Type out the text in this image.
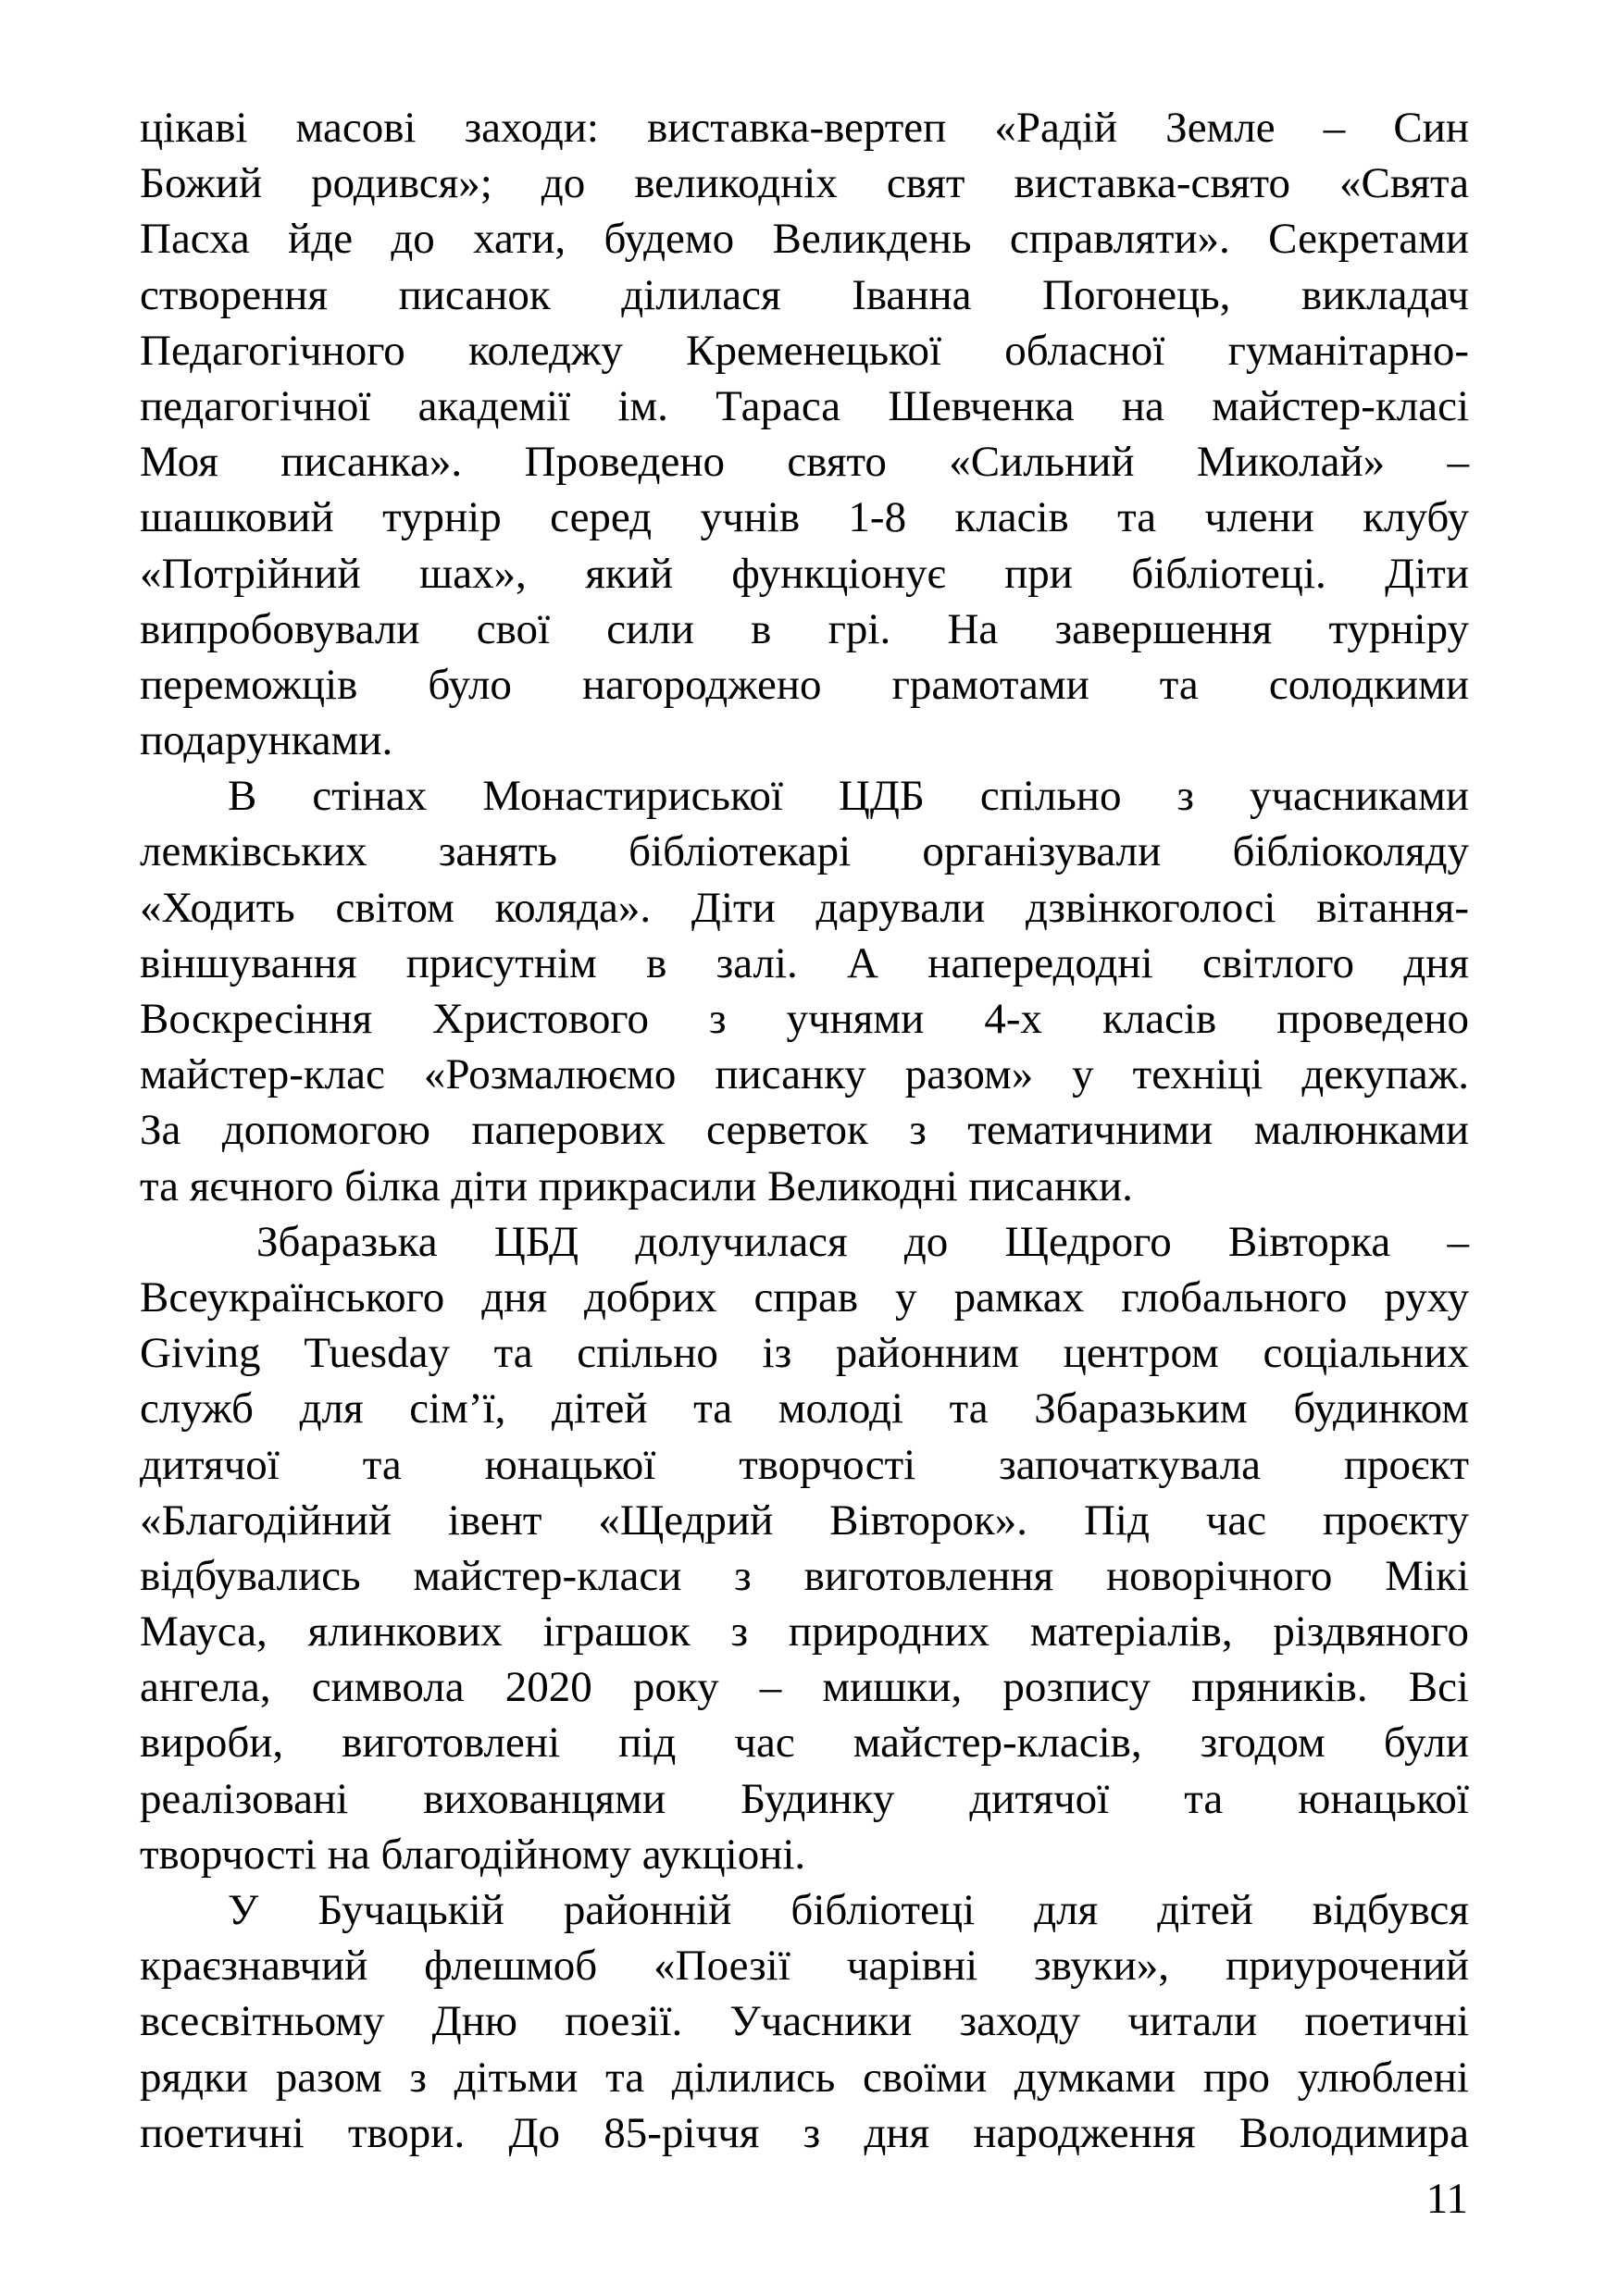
цікаві масові заходи: виставка-вертеп «Радій Земле – Син
Божий родився»; до великодніх свят виставка-свято «Свята
Пасха йде до хати, будемо Великдень справляти». Секретами
створення писанок ділилася Іванна Погонець, викладач
Педагогічного коледжу Кременецької обласної гуманітарно-
педагогічної академії ім. Тараса Шевченка на майстер-класі
Моя писанка». Проведено свято «Сильний Миколай» –
шашковий турнір серед учнів 1-8 класів та члени клубу
«Потрійний шах», який функціонує при бібліотеці. Діти
випробовували свої сили в грі. На завершення турніру
переможців було нагороджено грамотами та солодкими
подарунками.
В стінах Монастириської ЦДБ спільно з учасниками
лемківських занять бібліотекарі організували бібліоколяду
«Ходить світом коляда». Діти дарували дзвінкоголосі вітання-
віншування присутнім в залі. А напередодні світлого дня
Воскресіння Христового з учнями 4-х класів проведено
майстер-клас «Розмалюємо писанку разом» у техніці декупаж.
За допомогою паперових серветок з тематичними малюнками
та яєчного білка діти прикрасили Великодні писанки.
Збаразька ЦБД долучилася до Щедрого Вівторка –
Всеукраїнського дня добрих справ у рамках глобального руху
Giving Tuesday та спільно із районним центром соціальних
служб для сім’ї, дітей та молоді та Збаразьким будинком
дитячої та юнацької творчості започаткувала проєкт
«Благодійний івент «Щедрий Вівторок». Під час проєкту
відбувались майстер-класи з виготовлення новорічного Мікі
Мауса, ялинкових іграшок з природних матеріалів, різдвяного
ангела, символа 2020 року – мишки, розпису пряників. Всі
вироби, виготовлені під час майстер-класів, згодом були
реалізовані вихованцями Будинку дитячої та юнацької
творчості на благодійному аукціоні.
У Бучацькій районній бібліотеці для дітей відбувся
краєзнавчий флешмоб «Поезії чарівні звуки», приурочений
всесвітньому Дню поезії. Учасники заходу читали поетичні
рядки разом з дітьми та ділились своїми думками про улюблені
поетичні твори. До 85-річчя з дня народження Володимира
11
